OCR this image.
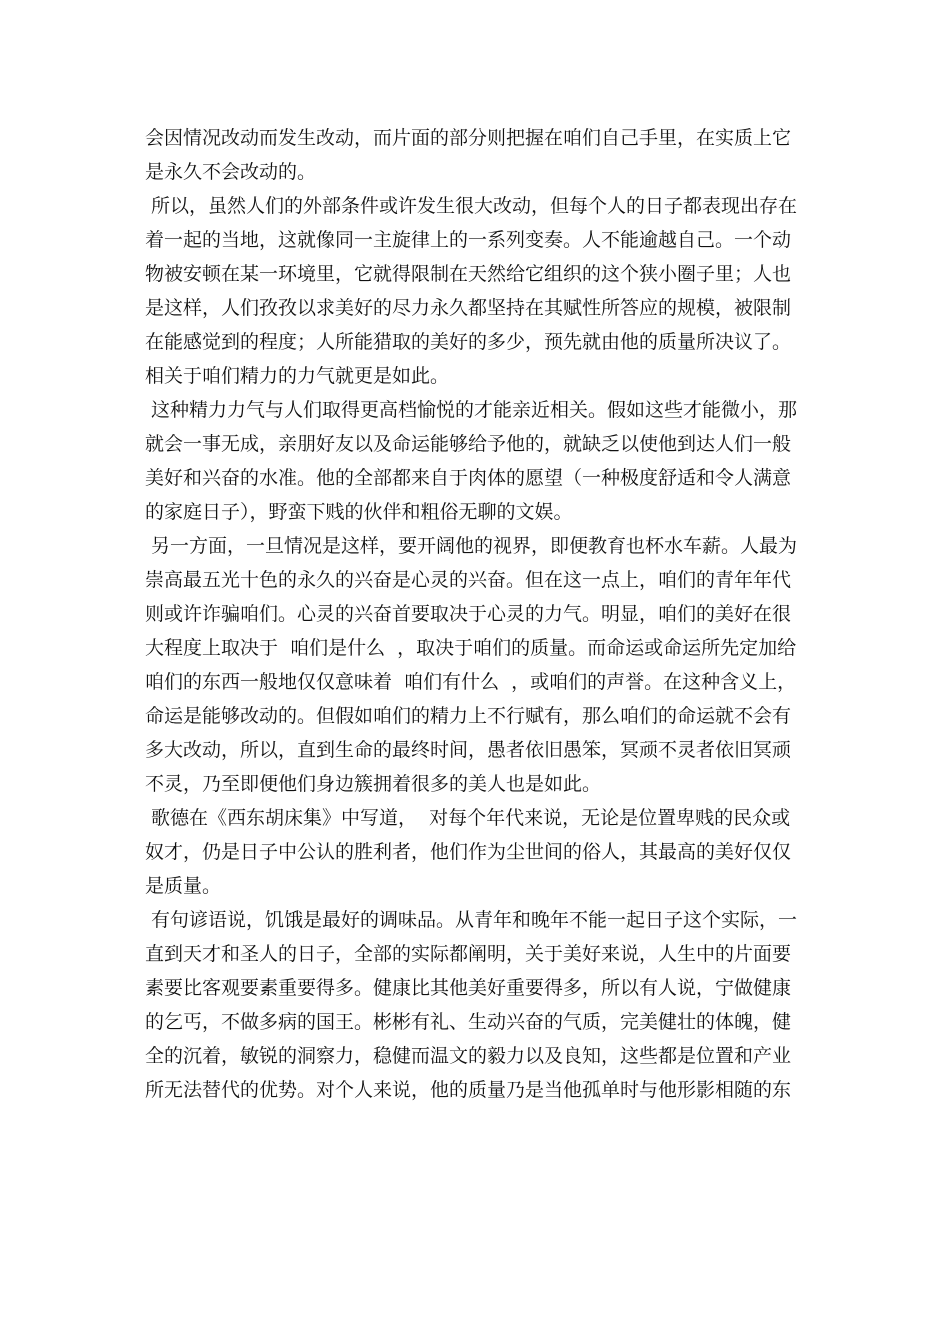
会因情况改动而发生改动，而片面的部分则把握在咱们自己手里，在实质上它
是永久不会改动的。
所以，虽然人们的外部条件或许发生很大改动，但每个人的日子都表现出存在
着一起的当地，这就像同一主旋律上的一系列变奏。人不能逾越自己。一个动
物被安顿在某一环境里，它就得限制在天然给它组织的这个狭小圈子里；人也
是这样，人们孜孜以求美好的尽力永久都坚持在其赋性所答应的规模，被限制
在能感觉到的程度；人所能猎取的美好的多少，预先就由他的质量所决议了。
相关于咱们精力的力气就更是如此。
这种精力力气与人们取得更高档愉悦的才能亲近相关。假如这些才能微小，那
就会一事无成，亲朋好友以及命运能够给予他的，就缺乏以使他到达人们一般
美好和兴奋的水准。他的全部都来自于肉体的愿望（一种极度舒适和令人满意
的家庭日子），野蛮下贱的伙伴和粗俗无聊的文娱。
另一方面，一旦情况是这样，要开阔他的视界，即便教育也杯水车薪。人最为
崇高最五光十色的永久的兴奋是心灵的兴奋。但在这一点上，咱们的青年年代
则或许诈骗咱们。心灵的兴奋首要取决于心灵的力气。明显，咱们的美好在很
大程度上取决于  咱们是什么  ，取决于咱们的质量。而命运或命运所先定加给
咱们的东西一般地仅仅意味着  咱们有什么  ，或咱们的声誉。在这种含义上，
命运是能够改动的。但假如咱们的精力上不行赋有，那么咱们的命运就不会有
多大改动，所以，直到生命的最终时间，愚者依旧愚笨，冥顽不灵者依旧冥顽
不灵，乃至即便他们身边簇拥着很多的美人也是如此。
歌德在《西东胡床集》中写道，  对每个年代来说，无论是位置卑贱的民众或
奴才，仍是日子中公认的胜利者，他们作为尘世间的俗人，其最高的美好仅仅
是质量。
有句谚语说，饥饿是最好的调味品。从青年和晚年不能一起日子这个实际，一
直到天才和圣人的日子，全部的实际都阐明，关于美好来说，人生中的片面要
素要比客观要素重要得多。健康比其他美好重要得多，所以有人说，宁做健康
的乞丐，不做多病的国王。彬彬有礼、生动兴奋的气质，完美健壮的体魄，健
全的沉着，敏锐的洞察力，稳健而温文的毅力以及良知，这些都是位置和产业
所无法替代的优势。对个人来说，他的质量乃是当他孤单时与他形影相随的东
